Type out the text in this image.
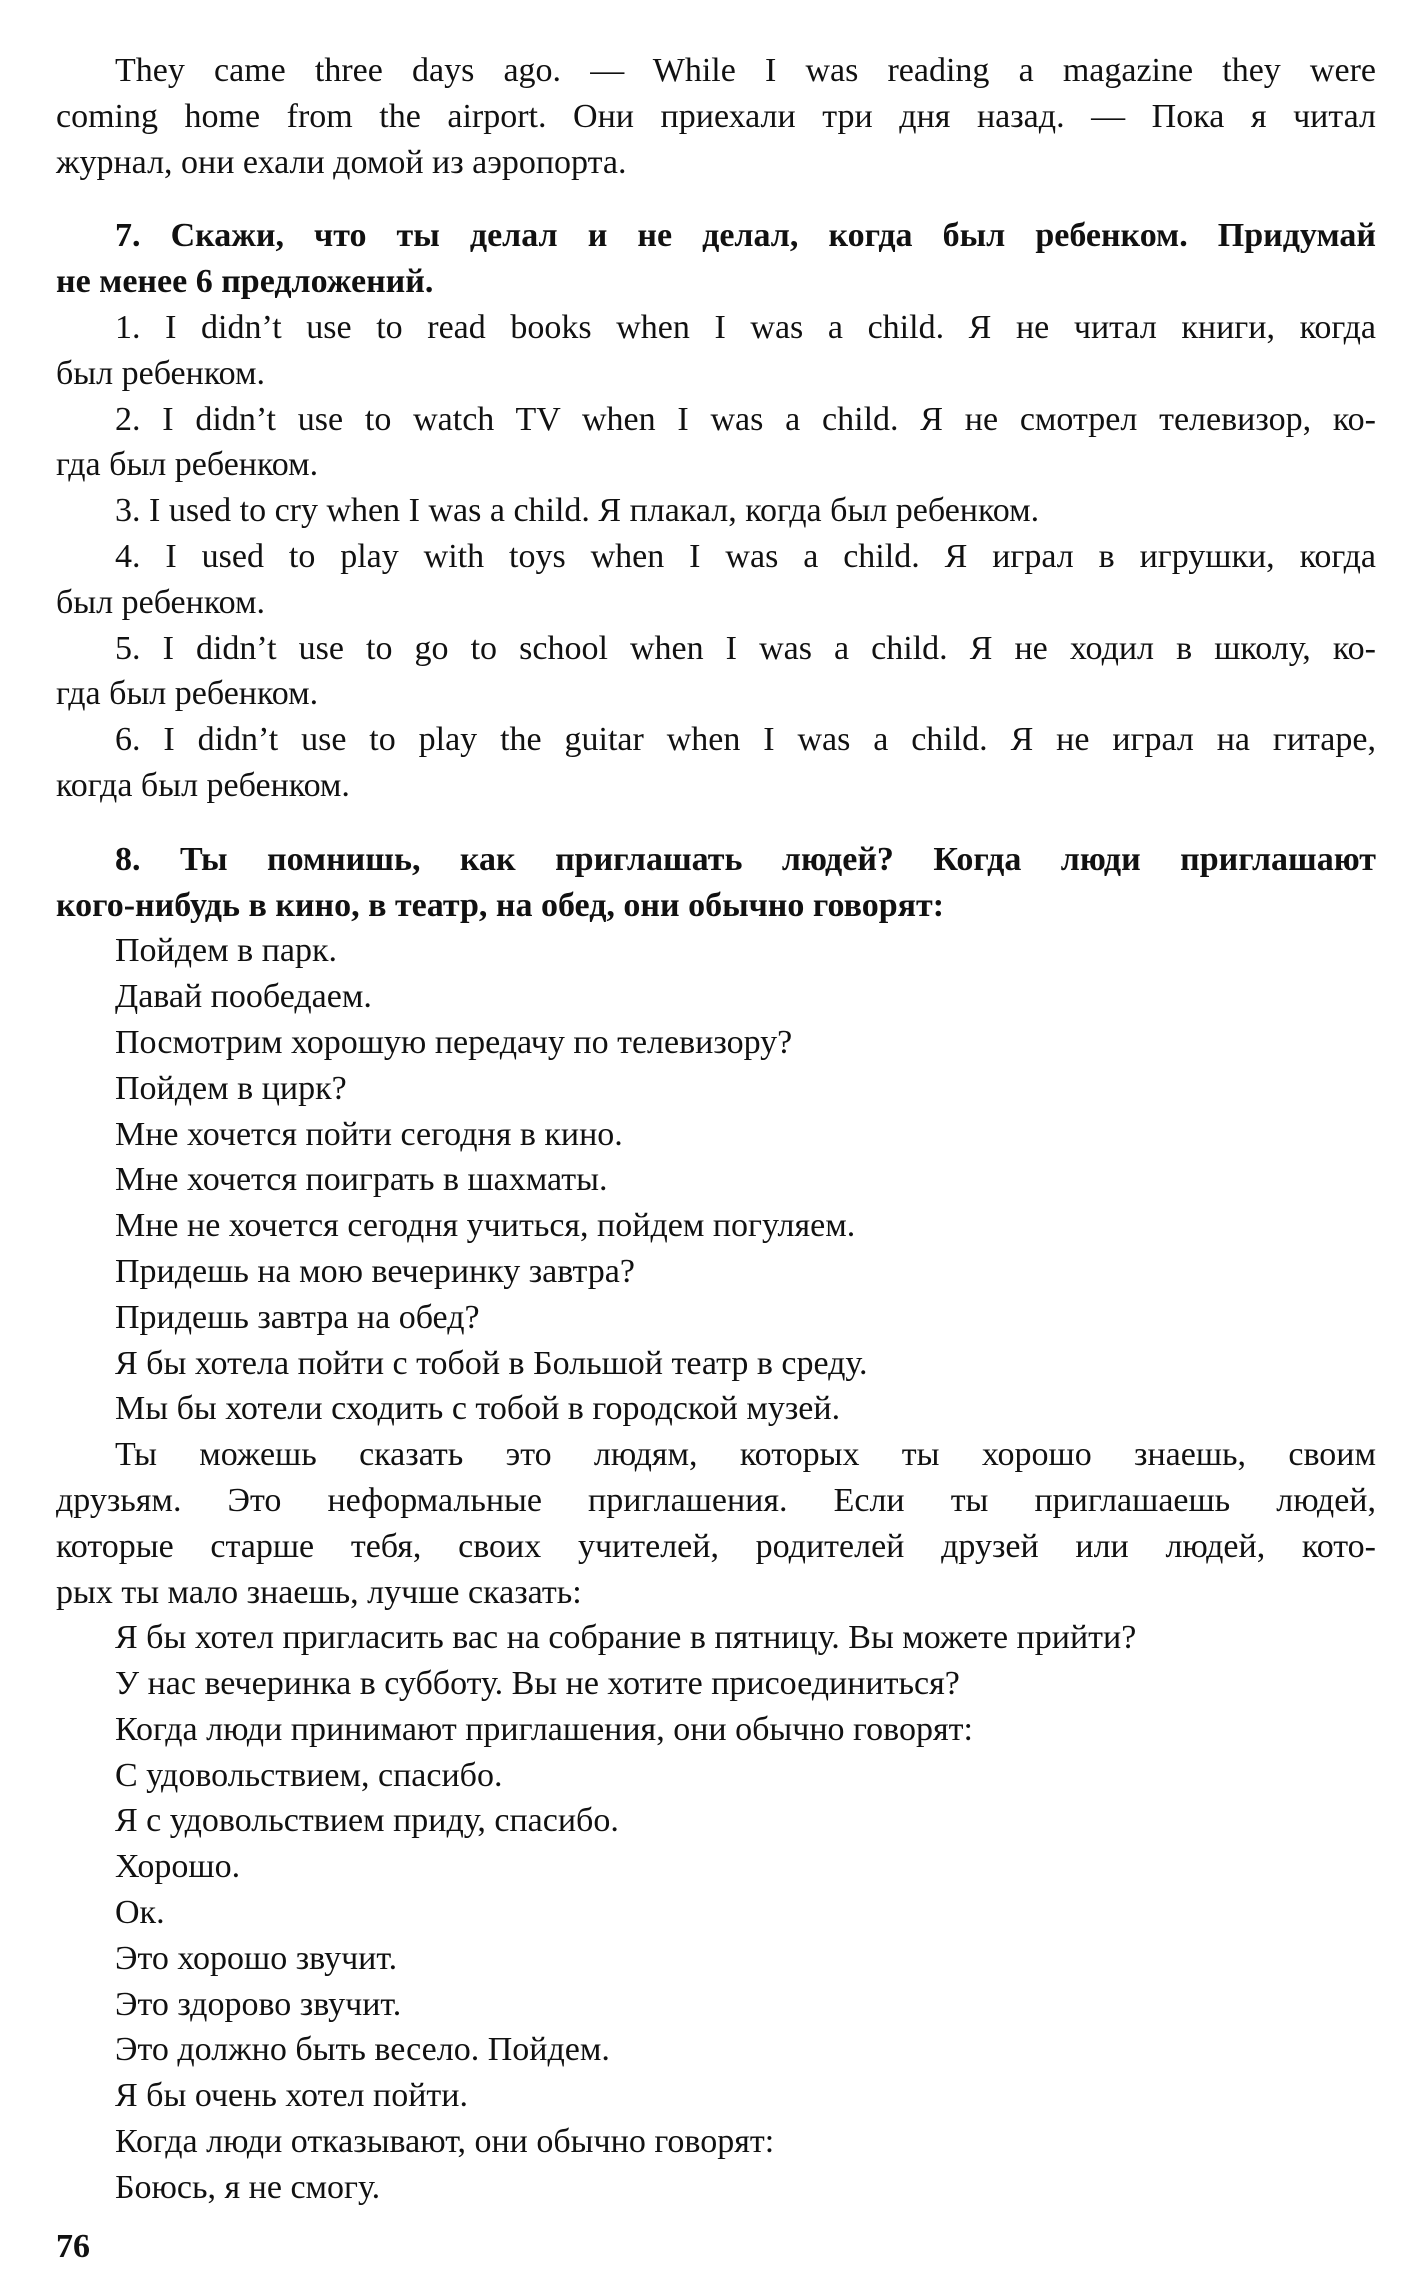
They came three days ago. — While I was reading a magazine they were
coming home from the airport. Они приехали три дня назад. — Пока я читал
журнал, они ехали домой из аэропорта.
7. Скажи, что ты делал и не делал, когда был ребенком. Придумай
не менее 6 предложений.
1. I didn’t use to read books when I was a child. Я не читал книги, когда
был ребенком.
2. I didn’t use to watch TV when I was a child. Я не смотрел телевизор, ко-
гда был ребенком.
3. I used to cry when I was a child. Я плакал, когда был ребенком.
4. I used to play with toys when I was a child. Я играл в игрушки, когда
был ребенком.
5. I didn’t use to go to school when I was a child. Я не ходил в школу, ко-
гда был ребенком.
6. I didn’t use to play the guitar when I was a child. Я не играл на гитаре,
когда был ребенком.
8. Ты помнишь, как приглашать людей? Когда люди приглашают
кого-нибудь в кино, в театр, на обед, они обычно говорят:
Пойдем в парк.
Давай пообедаем.
Посмотрим хорошую передачу по телевизору?
Пойдем в цирк?
Мне хочется пойти сегодня в кино.
Мне хочется поиграть в шахматы.
Мне не хочется сегодня учиться, пойдем погуляем.
Придешь на мою вечеринку завтра?
Придешь завтра на обед?
Я бы хотела пойти с тобой в Большой театр в среду.
Мы бы хотели сходить с тобой в городской музей.
Ты можешь сказать это людям, которых ты хорошо знаешь, своим
друзьям. Это неформальные приглашения. Если ты приглашаешь людей,
которые старше тебя, своих учителей, родителей друзей или людей, кото-
рых ты мало знаешь, лучше сказать:
Я бы хотел пригласить вас на собрание в пятницу. Вы можете прийти?
У нас вечеринка в субботу. Вы не хотите присоединиться?
Когда люди принимают приглашения, они обычно говорят:
С удовольствием, спасибо.
Я с удовольствием приду, спасибо.
Хорошо.
Ок.
Это хорошо звучит.
Это здорово звучит.
Это должно быть весело. Пойдем.
Я бы очень хотел пойти.
Когда люди отказывают, они обычно говорят:
Боюсь, я не смогу.
76
